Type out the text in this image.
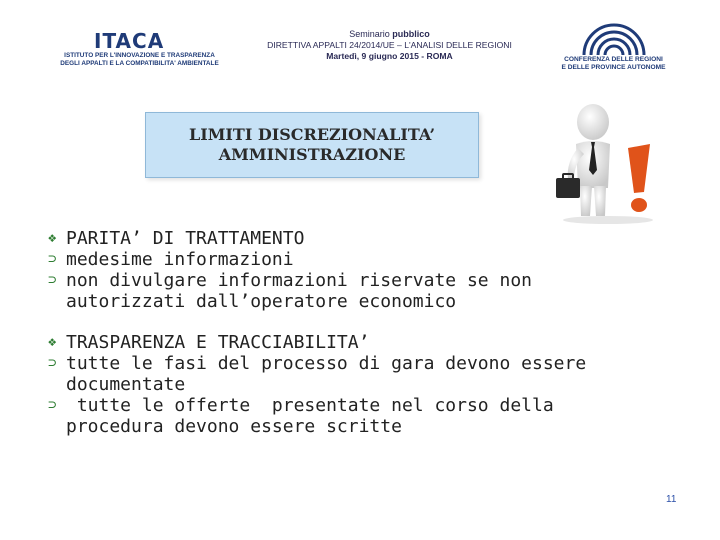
ITACA
ISTITUTO PER L'INNOVAZIONE E TRASPARENZA
DEGLI APPALTI E LA COMPATIBILITA' AMBIENTALE
Seminario pubblico
DIRETTIVA APPALTI 24/2014/UE – L'ANALISI DELLE REGIONI
Martedì, 9 giugno 2015 - ROMA	CONFERENZA DELLE REGIONI
E DELLE PROVINCE AUTONOME
LIMITI DISCREZIONALITA’
AMMINISTRAZIONE
❖ PARITA’ DI TRATTAMENTO
⊃ medesime informazioni
⊃ non divulgare informazioni riservate se non
autorizzati dall’operatore economico
❖ TRASPARENZA E TRACCIABILITA’
⊃ tutte le fasi del processo di gara devono essere
documentate
⊃ tutte le offerte  presentate nel corso della
procedura devono essere scritte
11
